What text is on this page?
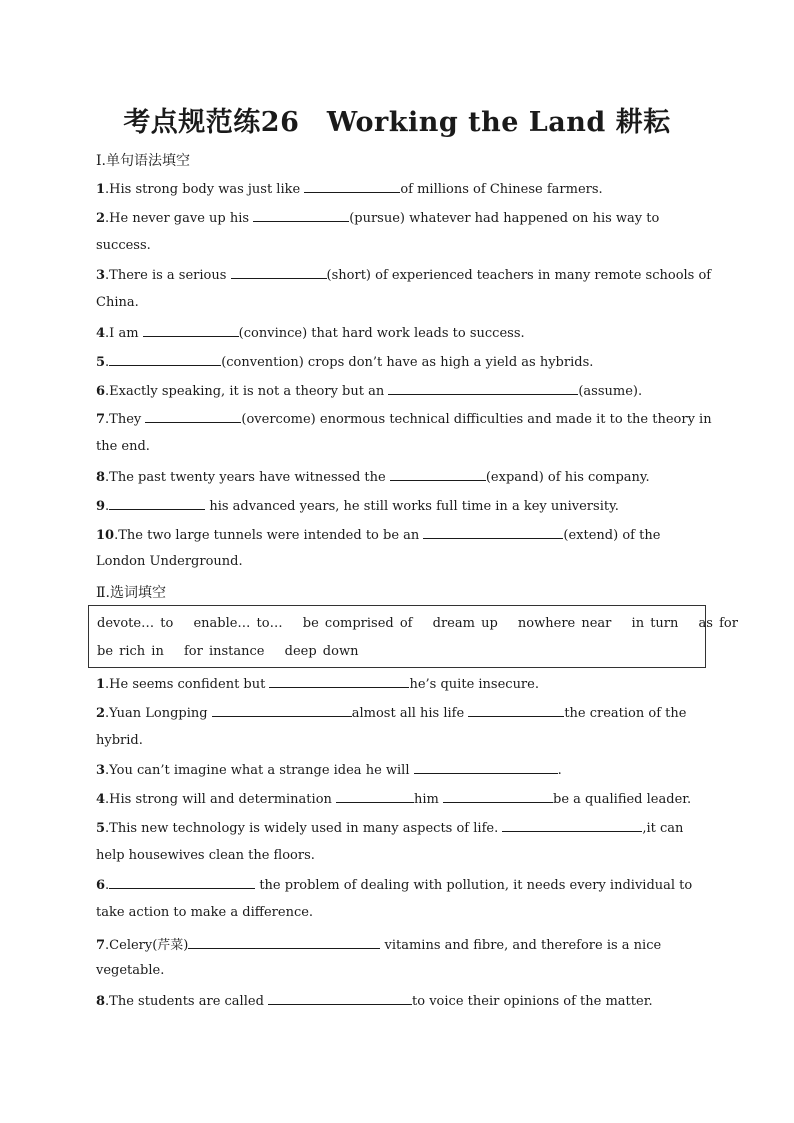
考点规范练26　Working the Land 耕耘
Ⅰ.单句语法填空
1.His strong body was just like	of millions of Chinese farmers.
2.He never gave up his	(pursue) whatever had happened on his way to
success.
3.There is a serious	(short) of experienced teachers in many remote schools of
China.
4.I am	(convince) that hard work leads to success.
5.	(convention) crops don’t have as high a yield as hybrids.
6.Exactly speaking, it is not a theory but an	(assume).
7.They	(overcome) enormous technical difficulties and made it to the theory in
the end.
8.The past twenty years have witnessed the	(expand) of his company.
9.	his advanced years, he still works full time in a key university.
10.The two large tunnels were intended to be an	(extend) of the
London Underground.
Ⅱ.选词填空
devote… to enable… to… be comprised of dream up nowhere near in turn as for
be rich in for instance deep down
1.He seems confident but	he’s quite insecure.
2.Yuan Longping	almost all his life	the creation of the
hybrid.
3.You can’t imagine what a strange idea he will	.
4.His strong will and determination	him	be a qualified leader.
5.This new technology is widely used in many aspects of life.	,it can
help housewives clean the floors.
6.	the problem of dealing with pollution, it needs every individual to
take action to make a difference.
7.Celery(芹菜)	vitamins and fibre, and therefore is a nice
vegetable.
8.The students are called	to voice their opinions of the matter.
